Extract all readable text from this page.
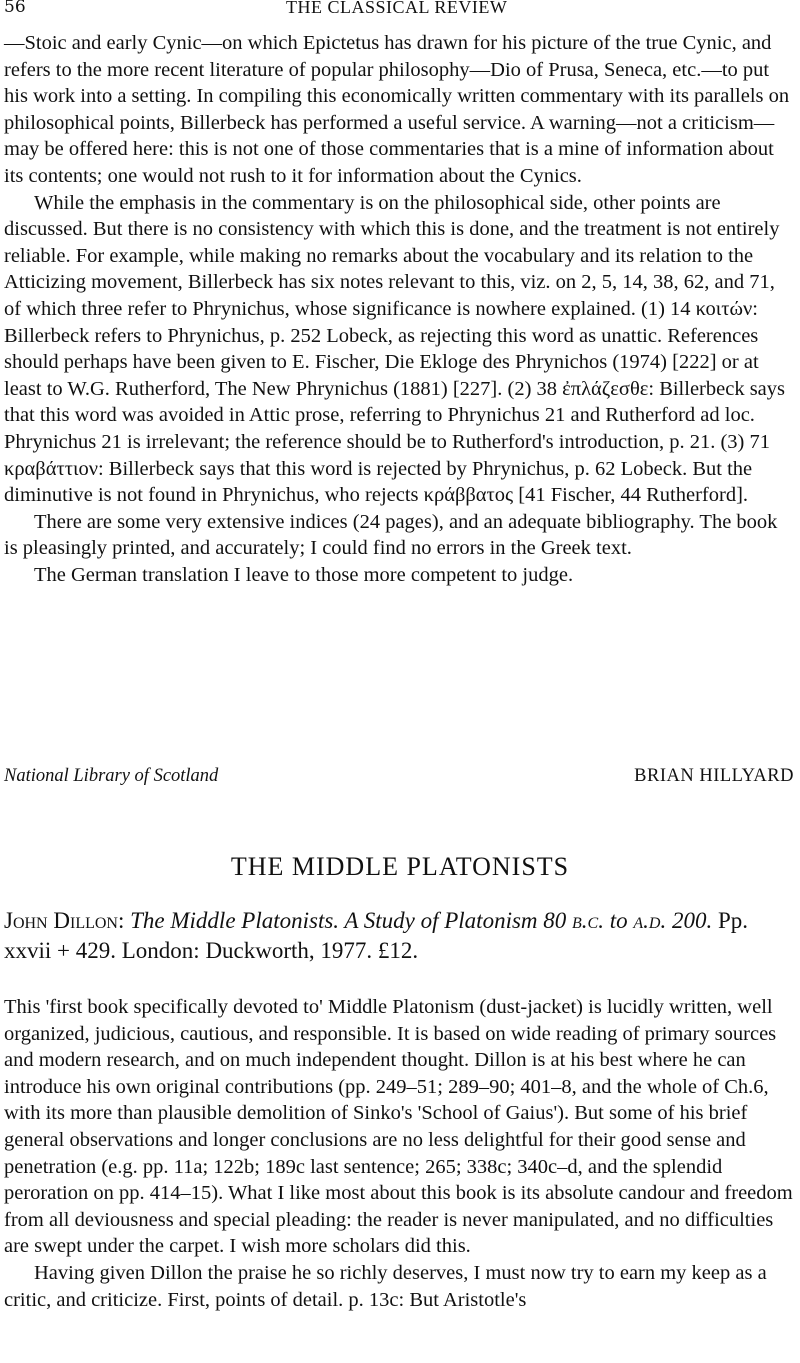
56	THE CLASSICAL REVIEW

—Stoic and early Cynic—on which Epictetus has drawn for his picture of the true Cynic, and refers to the more recent literature of popular philosophy—Dio of Prusa, Seneca, etc.—to put his work into a setting. In compiling this economically written commentary with its parallels on philosophical points, Billerbeck has performed a useful service. A warning—not a criticism—may be offered here: this is not one of those commentaries that is a mine of information about its contents; one would not rush to it for information about the Cynics.

While the emphasis in the commentary is on the philosophical side, other points are discussed. But there is no consistency with which this is done, and the treatment is not entirely reliable. For example, while making no remarks about the vocabulary and its relation to the Atticizing movement, Billerbeck has six notes relevant to this, viz. on 2, 5, 14, 38, 62, and 71, of which three refer to Phrynichus, whose significance is nowhere explained. (1) 14 κοιτών: Billerbeck refers to Phrynichus, p. 252 Lobeck, as rejecting this word as unattic. References should perhaps have been given to E. Fischer, Die Ekloge des Phrynichos (1974) [222] or at least to W.G. Rutherford, The New Phrynichus (1881) [227]. (2) 38 ἐπλάζεσθε: Billerbeck says that this word was avoided in Attic prose, referring to Phrynichus 21 and Rutherford ad loc. Phrynichus 21 is irrelevant; the reference should be to Rutherford's introduction, p. 21. (3) 71 κραβάττιον: Billerbeck says that this word is rejected by Phrynichus, p. 62 Lobeck. But the diminutive is not found in Phrynichus, who rejects κράββατος [41 Fischer, 44 Rutherford].

There are some very extensive indices (24 pages), and an adequate bibliography. The book is pleasingly printed, and accurately; I could find no errors in the Greek text.

The German translation I leave to those more competent to judge.

National Library of Scotland	BRIAN HILLYARD
THE MIDDLE PLATONISTS
John Dillon: The Middle Platonists. A Study of Platonism 80 b.c. to a.d. 200. Pp. xxvii + 429. London: Duckworth, 1977. £12.

This 'first book specifically devoted to' Middle Platonism (dust-jacket) is lucidly written, well organized, judicious, cautious, and responsible. It is based on wide reading of primary sources and modern research, and on much independent thought. Dillon is at his best where he can introduce his own original contributions (pp. 249–51; 289–90; 401–8, and the whole of Ch.6, with its more than plausible demolition of Sinko's 'School of Gaius'). But some of his brief general observations and longer conclusions are no less delightful for their good sense and penetration (e.g. pp. 11a; 122b; 189c last sentence; 265; 338c; 340c–d, and the splendid peroration on pp. 414–15). What I like most about this book is its absolute candour and freedom from all deviousness and special pleading: the reader is never manipulated, and no difficulties are swept under the carpet. I wish more scholars did this.

Having given Dillon the praise he so richly deserves, I must now try to earn my keep as a critic, and criticize. First, points of detail. p. 13c: But Aristotle's
